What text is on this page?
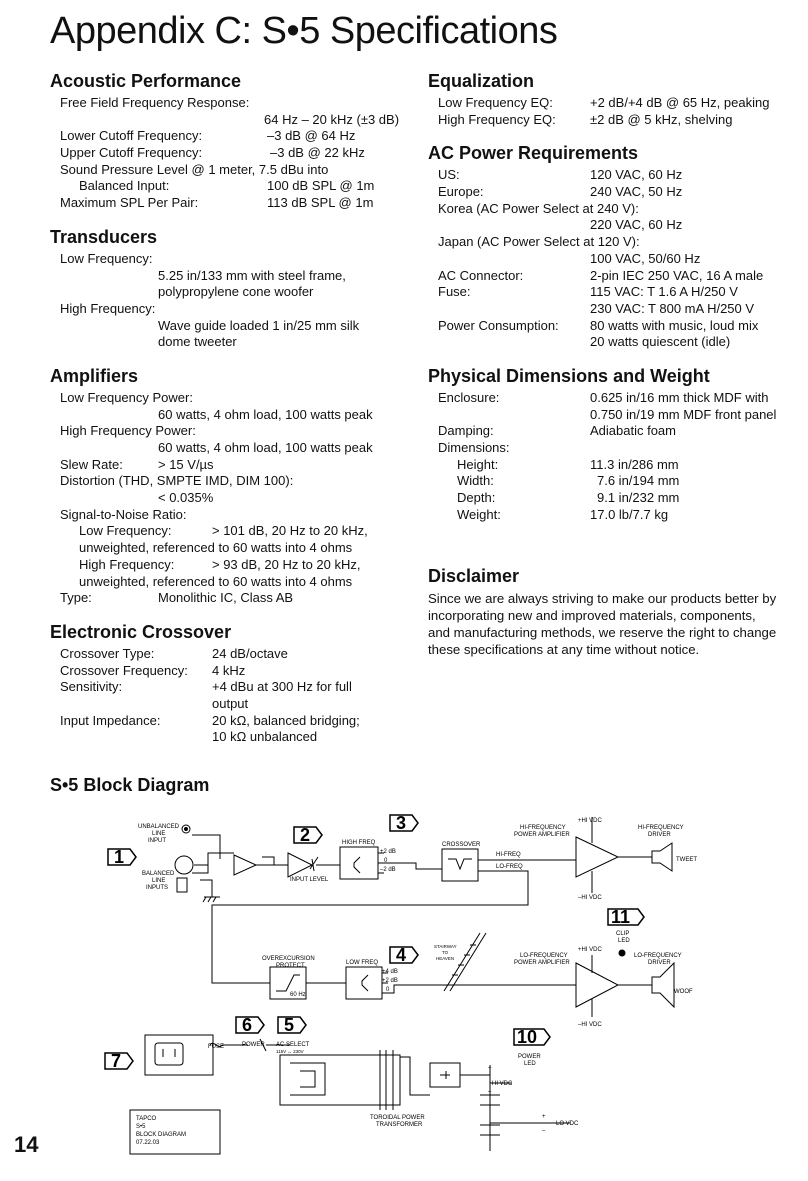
Appendix C: S•5 Specifications
Acoustic Performance
Free Field Frequency Response:
64 Hz – 20 kHz (±3 dB)
Lower Cutoff Frequency:	–3 dB @ 64 Hz
Upper Cutoff Frequency:	–3 dB @ 22 kHz
Sound Pressure Level @ 1 meter, 7.5 dBu into
Balanced Input:	100 dB SPL @ 1m
Maximum SPL Per Pair:	113 dB SPL @ 1m
Transducers
Low Frequency:
5.25 in/133 mm with steel frame,
polypropylene cone woofer
High Frequency:
Wave guide loaded 1 in/25 mm silk
dome tweeter
Amplifiers
Low Frequency Power:
60 watts, 4 ohm load, 100 watts peak
High Frequency Power:
60 watts, 4 ohm load, 100 watts peak
Slew Rate:	> 15 V/µs
Distortion (THD, SMPTE IMD, DIM 100):
< 0.035%
Signal-to-Noise Ratio:
Low Frequency:	> 101 dB, 20 Hz to 20 kHz,
unweighted, referenced to 60 watts into 4 ohms
High Frequency:	> 93 dB, 20 Hz to 20 kHz,
unweighted, referenced to 60 watts into 4 ohms
Type:	Monolithic IC, Class AB
Electronic Crossover
Crossover Type:	24 dB/octave
Crossover Frequency: 4 kHz
Sensitivity:	+4 dBu at 300 Hz for full
output
Input Impedance:	20 kΩ, balanced bridging;
10 kΩ unbalanced
Equalization
Low Frequency EQ:	+2 dB/+4 dB @ 65 Hz, peaking
High Frequency EQ:	±2 dB @ 5 kHz, shelving
AC Power Requirements
US:	120 VAC, 60 Hz
Europe:	240 VAC, 50 Hz
Korea (AC Power Select at 240 V):
220 VAC, 60 Hz
Japan (AC Power Select at 120 V):
100 VAC, 50/60 Hz
AC Connector:	2-pin IEC 250 VAC, 16 A male
Fuse:	115 VAC: T 1.6 A H/250 V
230 VAC: T 800 mA H/250 V
Power Consumption: 80 watts with music, loud mix
20 watts quiescent (idle)
Physical Dimensions and Weight
Enclosure:	0.625 in/16 mm thick MDF with
0.750 in/19 mm MDF front panel
Damping:	Adiabatic foam
Dimensions:
Height:	11.3 in/286 mm
Width:	7.6 in/194 mm
Depth:	9.1 in/232 mm
Weight:	17.0 lb/7.7 kg
Disclaimer

Since we are always striving to make our products better by incorporating new and improved materials, components, and manufacturing methods, we reserve the right to change these specifications at any time without notice.

S•5 Block Diagram
1
2
3
4
5
6
7
10
11
UNBALANCED
LINE
INPUT
BALANCED
LINE
INPUTS
INPUT LEVEL
HIGH FREQ
+2 dB
0
–2 dB
CROSSOVER
HI-FREQ
LO-FREQ
HI-FREQUENCY
POWER AMPLIFIER
+HI VDC
–HI VDC
HI-FREQUENCY
DRIVER
TWEET
CLIP
LED
OVEREXCURSION
PROTECT
60 Hz
LOW FREQ
+4 dB
+2 dB
0
STAIRWAY
TO
HEAVEN	LO-FREQUENCY
POWER AMPLIFIER
+HI VDC
–HI VDC
LO-FREQUENCY
DRIVER
WOOF
FUSE	POWER AC SELECT
115V ↔ 230V
TOROIDAL POWER
TRANSFORMER
POWER
LED
+
HI VDC
–
+
LO VDC
–
TAPCO
S•5
BLOCK DIAGRAM
07.22.03
14
